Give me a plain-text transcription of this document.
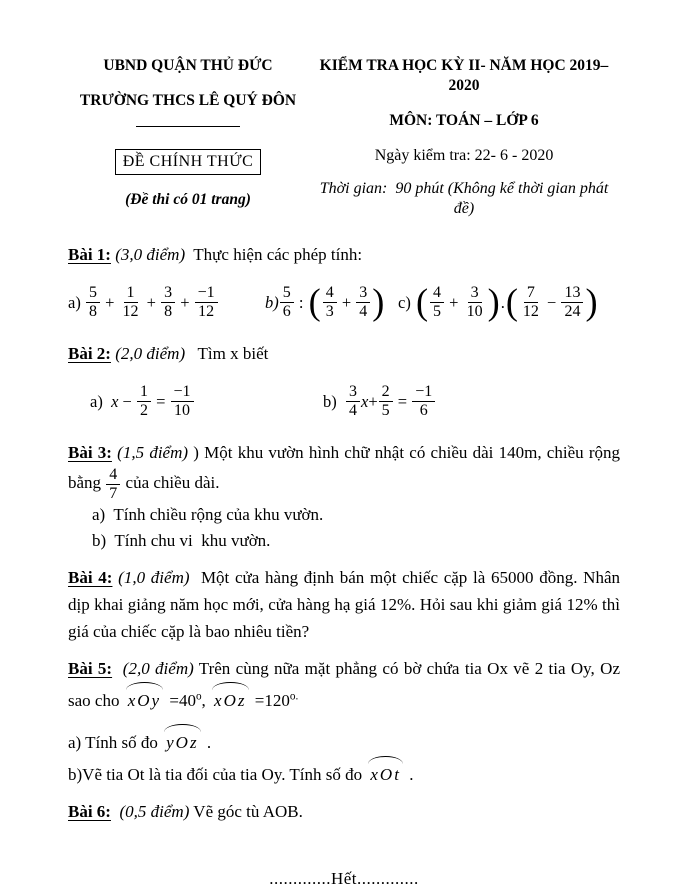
UBND QUẬN THỦ ĐỨC
TRƯỜNG THCS LÊ QUÝ ĐÔN
ĐỀ CHÍNH THỨC
(Đề thi có 01 trang)
KIỂM TRA HỌC KỲ II- NĂM HỌC 2019–2020
MÔN: TOÁN – LỚP 6
Ngày kiểm tra: 22- 6 - 2020
Thời gian:  90 phút (Không kể thời gian phát đề)
Bài 1: (3,0 điểm)  Thực hiện các phép tính:
$a) \frac{5}{8} + \frac{1}{12} + \frac{3}{8} + \frac{-1}{12}$	$b) \frac{5}{6}$ : ( $\frac{4}{3} + \frac{3}{4}$ ) c) ( $\frac{4}{5} + \frac{3}{10}$ ) . ( $\frac{7}{12} - \frac{13}{24}$ )
Bài 2: (2,0 điểm)   Tìm x biết
a) $x - \frac{1}{2} = \frac{-1}{10}$	$b) \frac{3}{4}$ $x + \frac{2}{5} = \frac{-1}{6}$
Bài 3: (1,5 điểm) ) Một khu vườn hình chữ nhật có chiều dài 140m, chiều rộng bằng $\frac{4}{7}$ của chiều dài.
a)  Tính chiều rộng của khu vườn.
b)  Tính chu vi  khu vườn.
Bài 4: (1,0 điểm)  Một cửa hàng định bán một chiếc cặp là 65000 đồng. Nhân dịp khai giảng năm học mới, cửa hàng hạ giá 12%. Hỏi sau khi giảm giá 12% thì giá của chiếc cặp là bao nhiêu tiền?
Bài 5:  (2,0 điểm) Trên cùng nữa mặt phẳng có bờ chứa tia Ox vẽ 2 tia Oy, Oz sao cho xOy $=40^o$, xOz $=120^{o.}$
a) Tính số đo yOz .
b)Vẽ tia Ot là tia đối của tia Oy. Tính số đo xOt .
Bài 6:  (0,5 điểm) Vẽ góc tù AOB.
.............Hết.............
